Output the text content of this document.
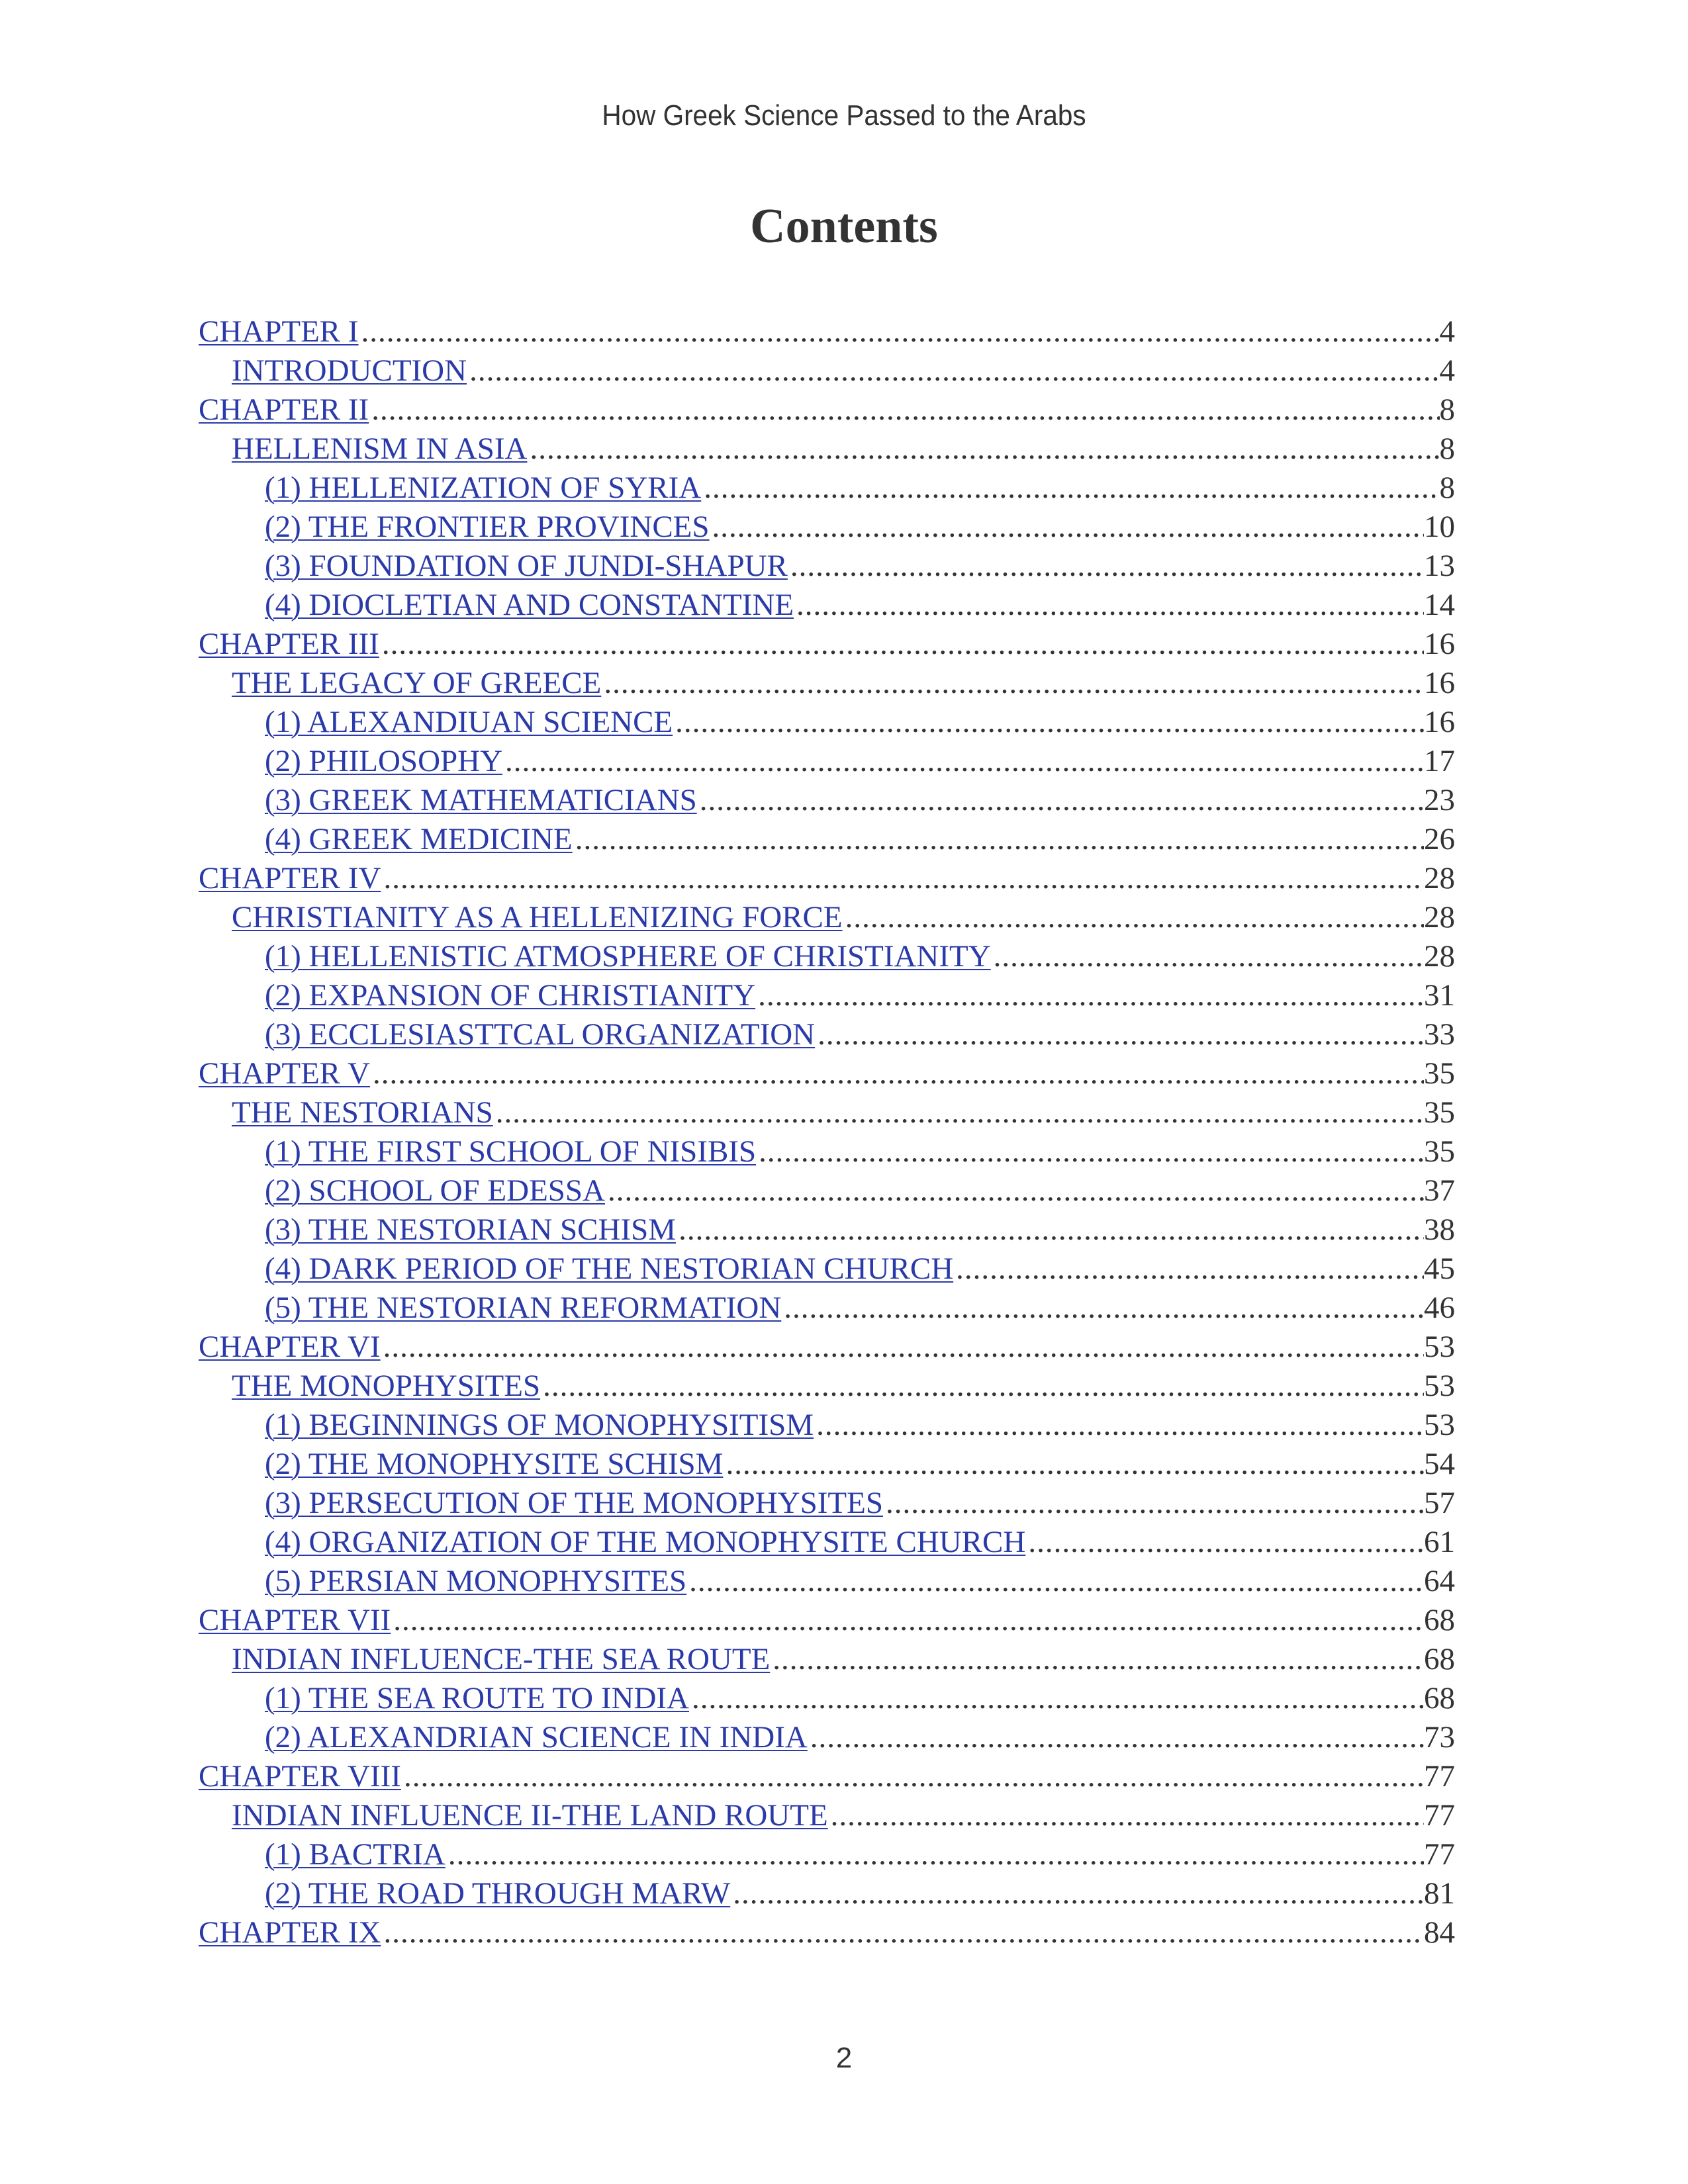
How Greek Science Passed to the Arabs
Contents
CHAPTER I .....	4
INTRODUCTION .....	4
CHAPTER II .....	8
HELLENISM IN ASIA .....	8
(1) HELLENIZATION OF SYRIA .....	8
(2) THE FRONTIER PROVINCES .....	10
(3) FOUNDATION OF JUNDI-SHAPUR .....	13
(4) DIOCLETIAN AND CONSTANTINE .....	14
CHAPTER III .....	16
THE LEGACY OF GREECE .....	16
(1) ALEXANDIUAN SCIENCE .....	16
(2) PHILOSOPHY .....	17
(3) GREEK MATHEMATICIANS .....	23
(4) GREEK MEDICINE .....	26
CHAPTER IV .....	28
CHRISTIANITY AS A HELLENIZING FORCE .....	28
(1) HELLENISTIC ATMOSPHERE OF CHRISTIANITY .....	28
(2) EXPANSION OF CHRISTIANITY .....	31
(3) ECCLESIASTTCAL ORGANIZATION .....	33
CHAPTER V .....	35
THE NESTORIANS .....	35
(1) THE FIRST SCHOOL OF NISIBIS .....	35
(2) SCHOOL OF EDESSA .....	37
(3) THE NESTORIAN SCHISM .....	38
(4) DARK PERIOD OF THE NESTORIAN CHURCH .....	45
(5) THE NESTORIAN REFORMATION .....	46
CHAPTER VI .....	53
THE MONOPHYSITES .....	53
(1) BEGINNINGS OF MONOPHYSITISM .....	53
(2) THE MONOPHYSITE SCHISM .....	54
(3) PERSECUTION OF THE MONOPHYSITES .....	57
(4) ORGANIZATION OF THE MONOPHYSITE CHURCH .....	61
(5) PERSIAN MONOPHYSITES .....	64
CHAPTER VII .....	68
INDIAN INFLUENCE-THE SEA ROUTE .....	68
(1) THE SEA ROUTE TO INDIA .....	68
(2) ALEXANDRIAN SCIENCE IN INDIA .....	73
CHAPTER VIII .....	77
INDIAN INFLUENCE II-THE LAND ROUTE .....	77
(1) BACTRIA .....	77
(2) THE ROAD THROUGH MARW .....	81
CHAPTER IX .....	84
2
